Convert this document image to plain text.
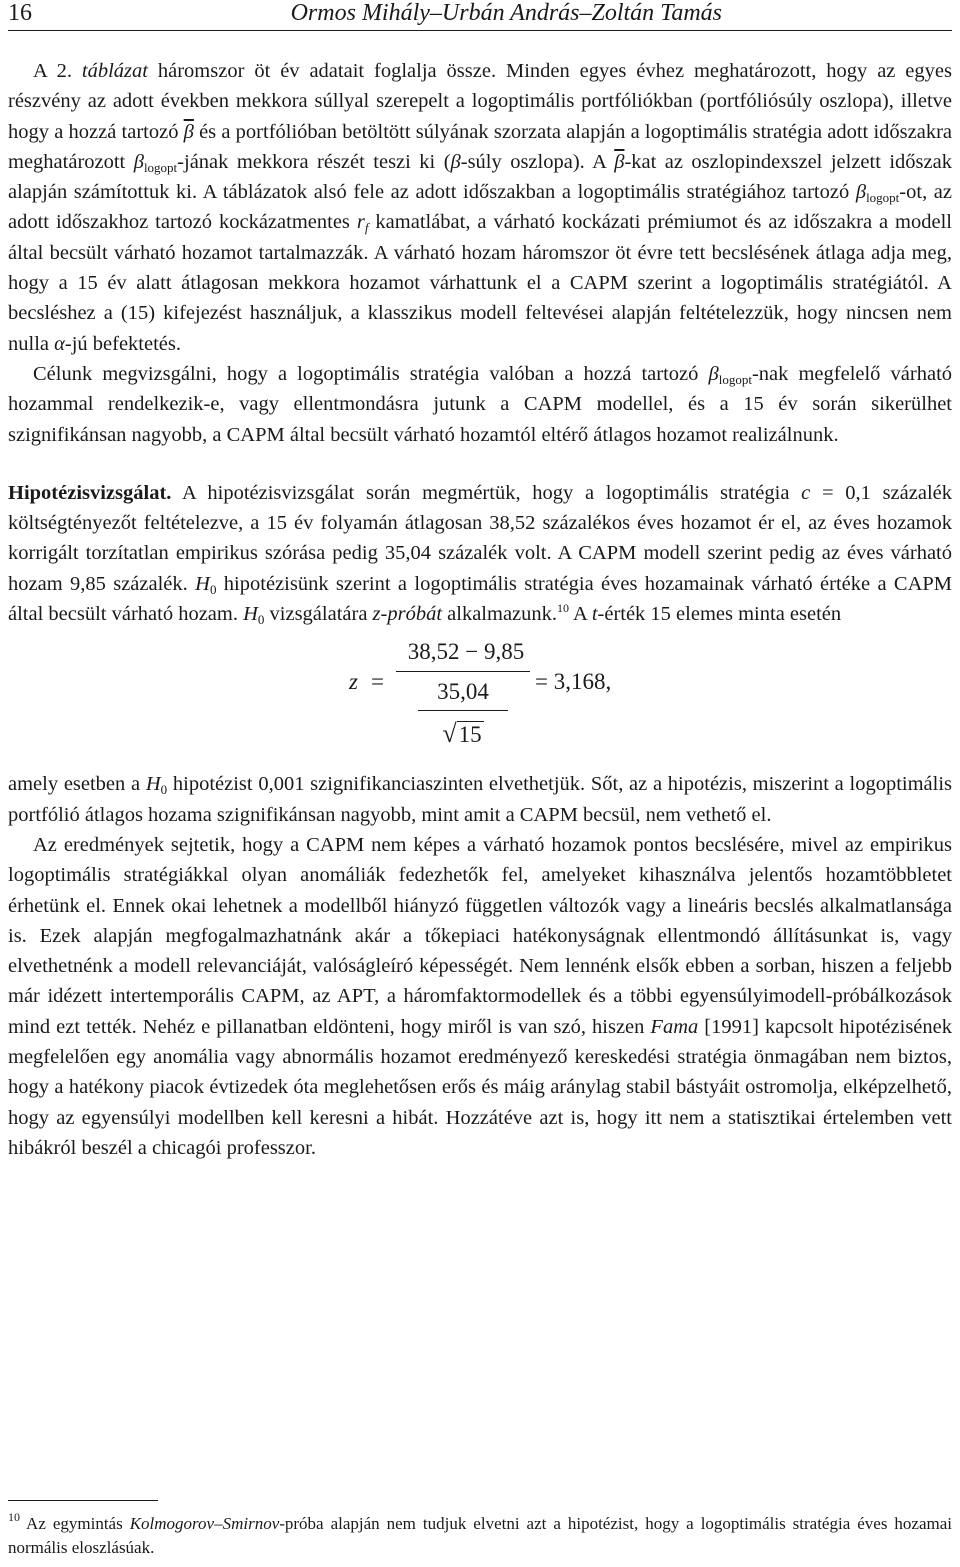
16	Ormos Mihály–Urbán András–Zoltán Tamás

A 2. táblázat háromszor öt év adatait foglalja össze. Minden egyes évhez meghatározott, hogy az egyes részvény az adott években mekkora súllyal szerepelt a logoptimális portfóliókban (portfóliósúly oszlopa), illetve hogy a hozzá tartozó $\overline{\beta}$ és a portfólióban betöltött súlyának szorzata alapján a logoptimális stratégia adott időszakra meghatározott $\beta_{logopt}$-jának mekkora részét teszi ki (β-súly oszlopa). A $\overline{\beta}$-kat az oszlopindexszel jelzett időszak alapján számítottuk ki. A táblázatok alsó fele az adott időszakban a logoptimális stratégiához tartozó $\beta_{logopt}-ot$, az adott időszakhoz tartozó kockázatmentes $r_f$ kamatlábat, a várható kockázati prémiumot és az időszakra a modell által becsült várható hozamot tartalmazzák. A várható hozam háromszor öt évre tett becslésének átlaga adja meg, hogy a 15 év alatt átlagosan mekkora hozamot várhattunk el a CAPM szerint a logoptimális stratégiától. A becsléshez a (15) kifejezést használjuk, a klasszikus modell feltevései alapján feltételezzük, hogy nincsen nem nulla α-jú befektetés.

Célunk megvizsgálni, hogy a logoptimális stratégia valóban a hozzá tartozó $\beta_{logopt}$-nak megfelelő várható hozammal rendelkezik-e, vagy ellentmondásra jutunk a CAPM modellel, és a 15 év során sikerülhet szignifikánsan nagyobb, a CAPM által becsült várható hozamtól eltérő átlagos hozamot realizálnunk.

Hipotézisvizsgálat. A hipotézisvizsgálat során megmértük, hogy a logoptimális stratégia c = 0,1 százalék költségtényezőt feltételezve, a 15 év folyamán átlagosan 38,52 százalékos éves hozamot ér el, az éves hozamok korrigált torzítatlan empirikus szórása pedig 35,04 százalék volt. A CAPM modell szerint pedig az éves várható hozam 9,85 százalék. $H_0$ hipotézisünk szerint a logoptimális stratégia éves hozamainak várható értéke a CAPM által becsült várható hozam. $H_0$ vizsgálatára z-próbát alkalmazunk.$^{10}$ A t-érték 15 elemes minta esetén

z =
38,52 − 9,85
35,04
√15
= 3,168,

amely esetben a $H_0$ hipotézist 0,001 szignifikanciaszinten elvethetjük. Sőt, az a hipotézis, miszerint a logoptimális portfólió átlagos hozama szignifikánsan nagyobb, mint amit a CAPM becsül, nem vethető el.

Az eredmények sejtetik, hogy a CAPM nem képes a várható hozamok pontos becslésére, mivel az empirikus logoptimális stratégiákkal olyan anomáliák fedezhetők fel, amelyeket kihasználva jelentős hozamtöbbletet érhetünk el. Ennek okai lehetnek a modellből hiányzó független változók vagy a lineáris becslés alkalmatlansága is. Ezek alapján megfogalmazhatnánk akár a tőkepiaci hatékonyságnak ellentmondó állításunkat is, vagy elvethetnénk a modell relevanciáját, valóságleíró képességét. Nem lennénk elsők ebben a sorban, hiszen a feljebb már idézett intertemporális CAPM, az APT, a háromfaktormodellek és a többi egyensúlyimodell-próbálkozások mind ezt tették. Nehéz e pillanatban eldönteni, hogy miről is van szó, hiszen Fama [1991] kapcsolt hipotézisének megfelelően egy anomália vagy abnormális hozamot eredményező kereskedési stratégia önmagában nem biztos, hogy a hatékony piacok évtizedek óta meglehetősen erős és máig aránylag stabil bástyáit ostromolja, elképzelhető, hogy az egyensúlyi modellben kell keresni a hibát. Hozzátéve azt is, hogy itt nem a statisztikai értelemben vett hibákról beszél a chicagói professzor.

$^{10}$ Az egymintás Kolmogorov–Smirnov-próba alapján nem tudjuk elvetni azt a hipotézist, hogy a logoptimális stratégia éves hozamai normális eloszlásúak.
